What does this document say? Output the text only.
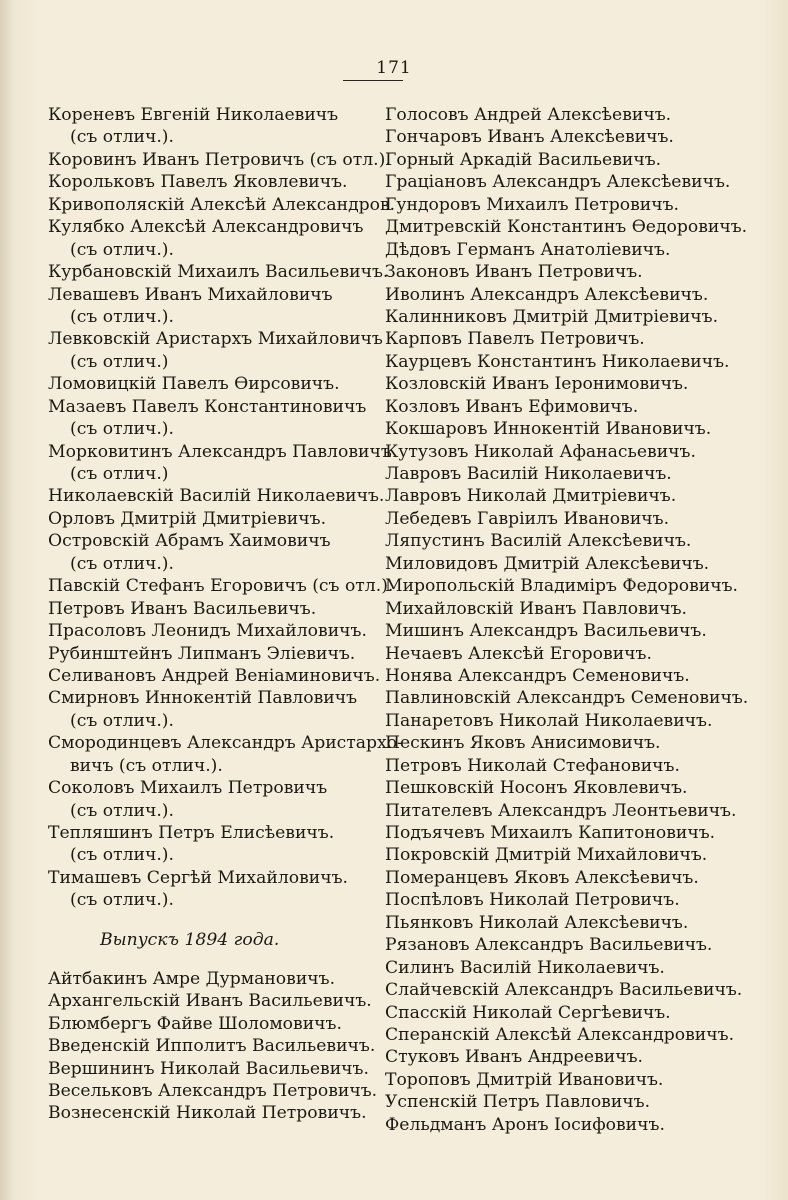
171
Кореневъ Евгеній Николаевичъ
(съ отлич.).
Коровинъ Иванъ Петровичъ (съ отл.).
Корольковъ Павелъ Яковлевичъ.
Кривополяскій Алексѣй Александров.
Кулябко Алексѣй Александровичъ
(съ отлич.).
Курбановскій Михаилъ Васильевичъ.
Левашевъ Иванъ Михайловичъ
(съ отлич.).
Левковскій Аристархъ Михайловичъ
(съ отлич.)
Ломовицкій Павелъ Ѳирсовичъ.
Мазаевъ Павелъ Константиновичъ
(съ отлич.).
Морковитинъ Александръ Павловичъ
(съ отлич.)
Николаевскій Василій Николаевичъ.
Орловъ Дмитрій Дмитріевичъ.
Островскій Абрамъ Хаимовичъ
(съ отлич.).
Павскій Стефанъ Егоровичъ (съ отл.).
Петровъ Иванъ Васильевичъ.
Прасоловъ Леонидъ Михайловичъ.
Рубинштейнъ Липманъ Элiевичъ.
Селивановъ Андрей Веніаминовичъ.
Смирновъ Иннокентій Павловичъ
(съ отлич.).
Смородинцевъ Александръ Аристархо-
вичъ (съ отлич.).
Соколовъ Михаилъ Петровичъ
(съ отлич.).
Тепляшинъ Петръ Елисѣевичъ.
(съ отлич.).
Тимашевъ Сергѣй Михайловичъ.
(съ отлич.).
Выпускъ 1894 года.
Айтбакинъ Амре Дурмановичъ.
Архангельскій Иванъ Васильевичъ.
Блюмбергъ Файве Шоломовичъ.
Введенскій Ипполитъ Васильевичъ.
Вершининъ Николай Васильевичъ.
Весельковъ Александръ Петровичъ.
Вознесенскій Николай Петровичъ.
Голосовъ Андрей Алексѣевичъ.
Гончаровъ Иванъ Алексѣевичъ.
Горный Аркадій Васильевичъ.
Граціановъ Александръ Алексѣевичъ.
Гундоровъ Михаилъ Петровичъ.
Дмитревскій Константинъ Ѳедоровичъ.
Дѣдовъ Германъ Анатоліевичъ.
Законовъ Иванъ Петровичъ.
Иволинъ Александръ Алексѣевичъ.
Калинниковъ Дмитрій Дмитріевичъ.
Карповъ Павелъ Петровичъ.
Каурцевъ Константинъ Николаевичъ.
Козловскій Иванъ Іеронимовичъ.
Козловъ Иванъ Ефимовичъ.
Кокшаровъ Иннокентій Ивановичъ.
Кутузовъ Николай Афанасьевичъ.
Лавровъ Василій Николаевичъ.
Лавровъ Николай Дмитріевичъ.
Лебедевъ Гавріилъ Ивановичъ.
Ляпустинъ Василій Алексѣевичъ.
Миловидовъ Дмитрій Алексѣевичъ.
Миропольскій Владиміръ Федоровичъ.
Михайловскій Иванъ Павловичъ.
Мишинъ Александръ Васильевичъ.
Нечаевъ Алексѣй Егоровичъ.
Нонява Александръ Семеновичъ.
Павлиновскій Александръ Семеновичъ.
Панаретовъ Николай Николаевичъ.
Пескинъ Яковъ Анисимовичъ.
Петровъ Николай Стефановичъ.
Пешковскій Носонъ Яковлевичъ.
Питателевъ Александръ Леонтьевичъ.
Подъячевъ Михаилъ Капитоновичъ.
Покровскій Дмитрій Михайловичъ.
Померанцевъ Яковъ Алексѣевичъ.
Поспѣловъ Николай Петровичъ.
Пьянковъ Николай Алексѣевичъ.
Рязановъ Александръ Васильевичъ.
Силинъ Василій Николаевичъ.
Слайчевскій Александръ Васильевичъ.
Спасскій Николай Сергѣевичъ.
Сперанскій Алексѣй Александровичъ.
Стуковъ Иванъ Андреевичъ.
Тороповъ Дмитрій Ивановичъ.
Успенскій Петръ Павловичъ.
Фельдманъ Аронъ Іосифовичъ.
